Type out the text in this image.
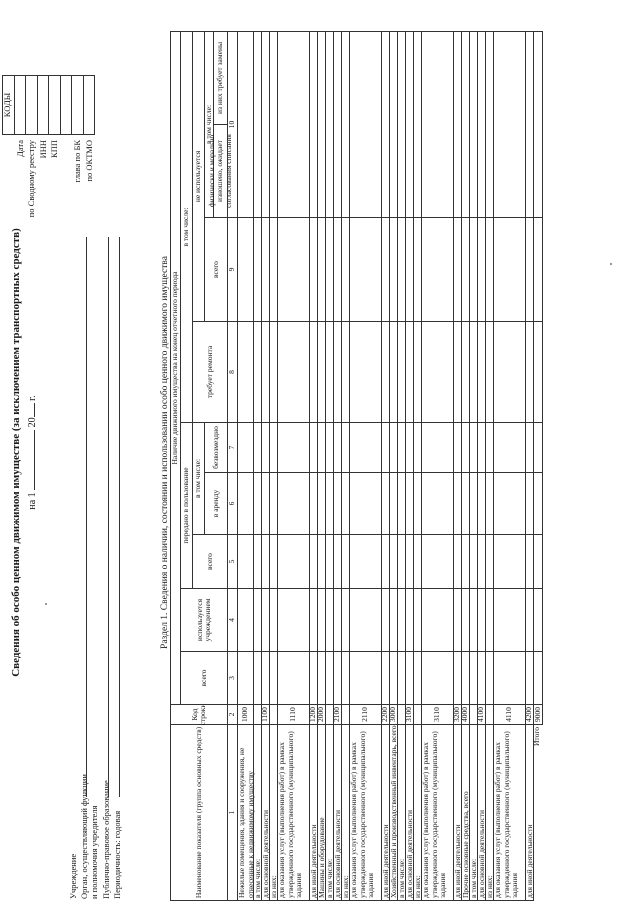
Сведения об особо ценном движимом имуществе (за исключением транспортных средств) на 1  20 г.
Учреждение Орган, осуществляющий функции и полномочия учредителя Публично-правовое образование Периодичность: годовая
КОДЫ
Дата по Сводному реестру ИНН КПП глава по БК по ОКТМО
Раздел 1. Сведения о наличии, состоянии и использовании особо ценного движимого имущества
Наименование показателя (группа основных средств)
Код строки
Наличие движимого имущества на конец отчетного периода
всего
используется учреждением
передано в пользование
всего
в том числе:
в аренду
безвозмездно
в том числе:
требует ремонта
не используется
всего
в том числе:
физически и морально изношено, ожидает согласования списания
из них требует замены
1
2
3
4
5
6
7
8
9
10
Нежилые помещения, здания и сооружения, не отнесенные к недвижимому имуществу
1000
в том числе: для основной деятельности
1100
из них: для оказания услуг (выполнения работ) в рамках утвержденного государственного (муниципального) задания
1110
для иной деятельности
1200
Машины и оборудование
2000
в том числе: для основной деятельности
2100
из них: для оказания услуг (выполнения работ) в рамках утвержденного государственного (муниципального) задания
2110
для иной деятельности
2200
Хозяйственный и производственный инвентарь, всего
3000
в том числе: для основной деятельности
3100
из них: для оказания услуг (выполнения работ) в рамках утвержденного государственного (муниципального) задания
3110
для иной деятельности
3200
Прочие основные средства, всего
4000
в том числе: для основной деятельности
4100
из них: для оказания услуг (выполнения работ) в рамках утвержденного государственного (муниципального) задания
4110
для иной деятельности
4200
Итого
9000
